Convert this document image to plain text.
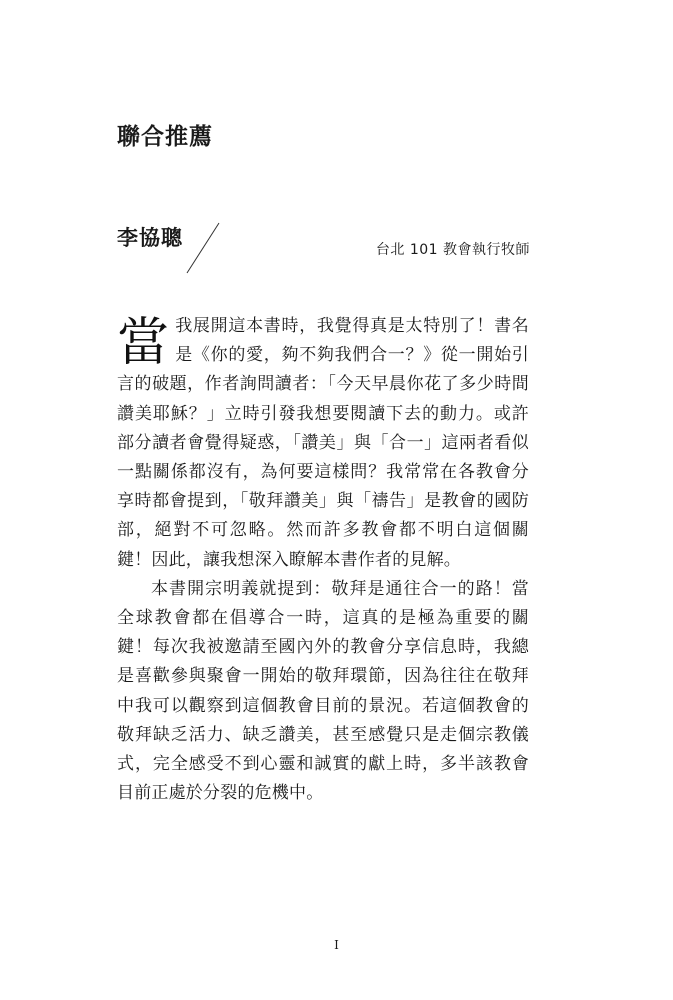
聯合推薦
李協聰	台北 101 教會執行牧師

當我展開這本書時，我覺得真是太特別了！書名是《你的愛，夠不夠我們合一？》從一開始引言的破題，作者詢問讀者：「今天早晨你花了多少時間讚美耶穌？」立時引發我想要閱讀下去的動力。或許部分讀者會覺得疑惑，「讚美」與「合一」這兩者看似一點關係都沒有，為何要這樣問？我常常在各教會分享時都會提到，「敬拜讚美」與「禱告」是教會的國防部，絕對不可忽略。然而許多教會都不明白這個關鍵！因此，讓我想深入瞭解本書作者的見解。

本書開宗明義就提到：敬拜是通往合一的路！當全球教會都在倡導合一時，這真的是極為重要的關鍵！每次我被邀請至國內外的教會分享信息時，我總是喜歡參與聚會一開始的敬拜環節，因為往往在敬拜中我可以觀察到這個教會目前的景況。若這個教會的敬拜缺乏活力、缺乏讚美，甚至感覺只是走個宗教儀式，完全感受不到心靈和誠實的獻上時，多半該教會目前正處於分裂的危機中。

I
